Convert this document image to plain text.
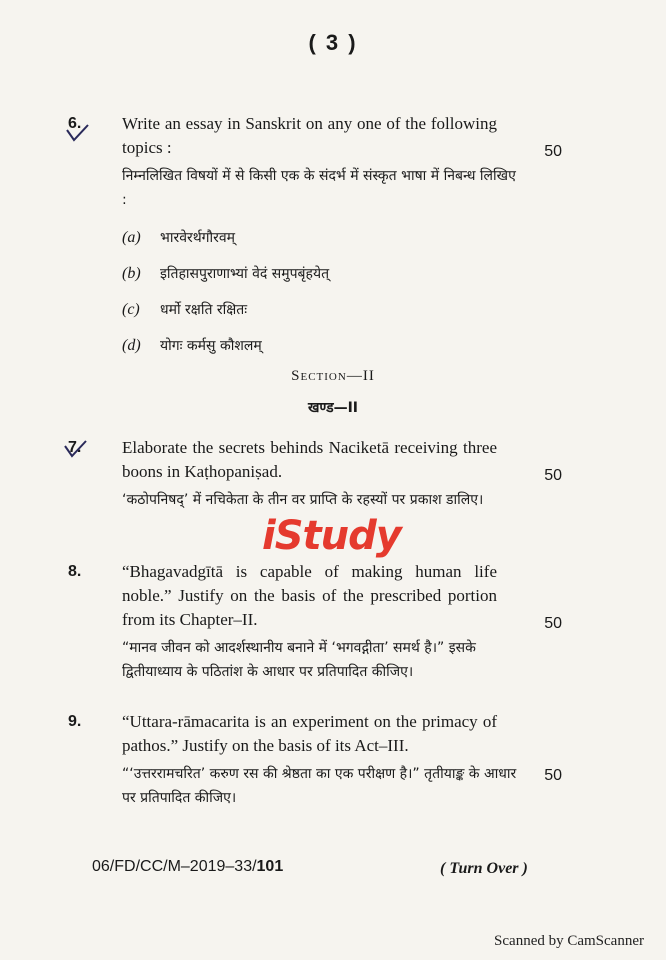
( 3 )
6. Write an essay in Sanskrit on any one of the following topics :	50
निम्नलिखित विषयों में से किसी एक के संदर्भ में संस्कृत भाषा में निबन्ध लिखिए :
(a)	भारवेरर्थगौरवम्
(b)	इतिहासपुराणाभ्यां वेदं समुपबृंहयेत्
(c)	धर्मो रक्षति रक्षितः
(d)	योगः कर्मसु कौशलम्
Section—II
खण्ड—II
7. Elaborate the secrets behinds Naciketā receiving three boons in Kaṭhopaniṣad.	50
‘कठोपनिषद्’ में नचिकेता के तीन वर प्राप्ति के रहस्यों पर प्रकाश डालिए।
iStudy
8. “Bhagavadgītā is capable of making human life noble.” Justify on the basis of the prescribed portion from its Chapter–II.	50
“मानव जीवन को आदर्शस्थानीय बनाने में ‘भगवद्गीता’ समर्थ है।” इसके द्वितीयाध्याय के पठितांश के आधार पर प्रतिपादित कीजिए।
9. “Uttara-rāmacarita is an experiment on the primacy of pathos.” Justify on the basis of its Act–III.
50
“‘उत्तररामचरित’ करुण रस की श्रेष्ठता का एक परीक्षण है।” तृतीयाङ्क के आधार पर प्रतिपादित कीजिए।
06/FD/CC/M–2019–33/101	( Turn Over )
Scanned by CamScanner
